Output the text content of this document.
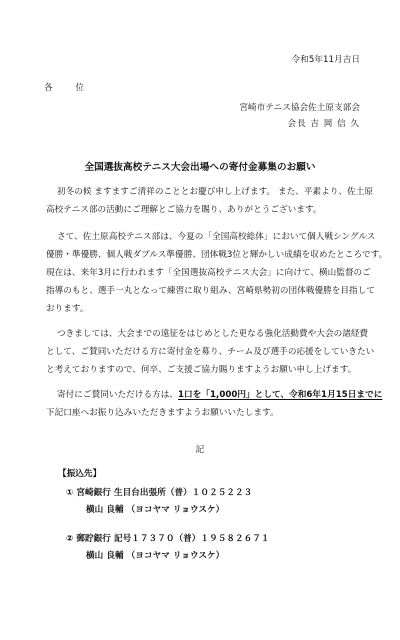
令和5年11月吉日
各 位
宮崎市テニス協会佐土原支部会
会長 吉 岡 信 久
全国選抜高校テニス大会出場への寄付金募集のお願い
初冬の候 ますますご清祥のこととお慶び申し上げます。 また、平素より、佐土原
高校テニス部の活動にご理解とご協力を賜り、ありがとうございます。
さて、佐土原高校テニス部は、今夏の「全国高校総体」において個人戦シングルス
優勝・準優勝、個人戦ダブルス準優勝、団体戦3位と輝かしい成績を収めたところです。
現在は、来年3月に行われます「全国選抜高校テニス大会」に向けて、横山監督のご
指導のもと、選手一丸となって練習に取り組み、宮崎県勢初の団体戦優勝を目指して
おります。
つきましては、大会までの遠征をはじめとした更なる強化活動費や大会の諸経費
として、ご賛同いただける方に寄付金を募り、チーム及び選手の応援をしていきたい
と考えておりますので、何卒、ご支援ご協力賜りますようお願い申し上げます。
寄付にご賛同いただける方は、1口を「1,000円」として、令和6年1月15日までに
下記口座へお振り込みいただきますようお願いいたします。
記
【振込先】
① 宮崎銀行 生目台出張所（普）１０２５２２３
横山 良輔 （ヨコヤマ リョウスケ）
② 郵貯銀行 記号１７３７０（普）１９５８２６７１
横山 良輔 （ヨコヤマ リョウスケ）
